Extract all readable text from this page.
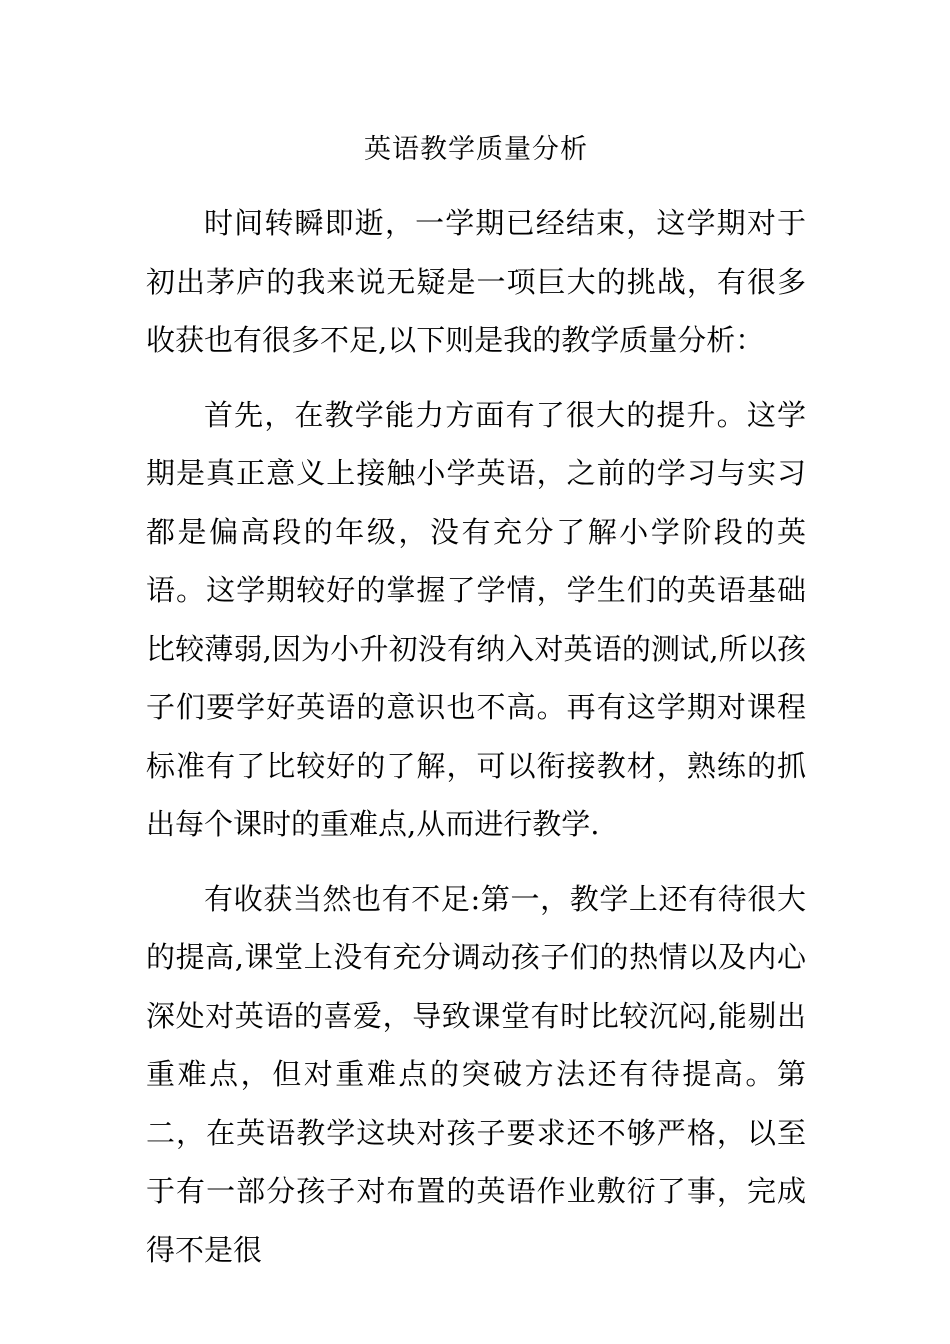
英语教学质量分析

时间转瞬即逝，一学期已经结束，这学期对于初出茅庐的我来说无疑是一项巨大的挑战，有很多收获也有很多不足,以下则是我的教学质量分析：

首先，在教学能力方面有了很大的提升。这学期是真正意义上接触小学英语，之前的学习与实习都是偏高段的年级，没有充分了解小学阶段的英语。这学期较好的掌握了学情，学生们的英语基础比较薄弱,因为小升初没有纳入对英语的测试,所以孩子们要学好英语的意识也不高。再有这学期对课程标准有了比较好的了解，可以衔接教材，熟练的抓出每个课时的重难点,从而进行教学.

有收获当然也有不足:第一，教学上还有待很大的提高,课堂上没有充分调动孩子们的热情以及内心深处对英语的喜爱，导致课堂有时比较沉闷,能剔出重难点，但对重难点的突破方法还有待提高。第二，在英语教学这块对孩子要求还不够严格，以至于有一部分孩子对布置的英语作业敷衍了事，完成得不是很
